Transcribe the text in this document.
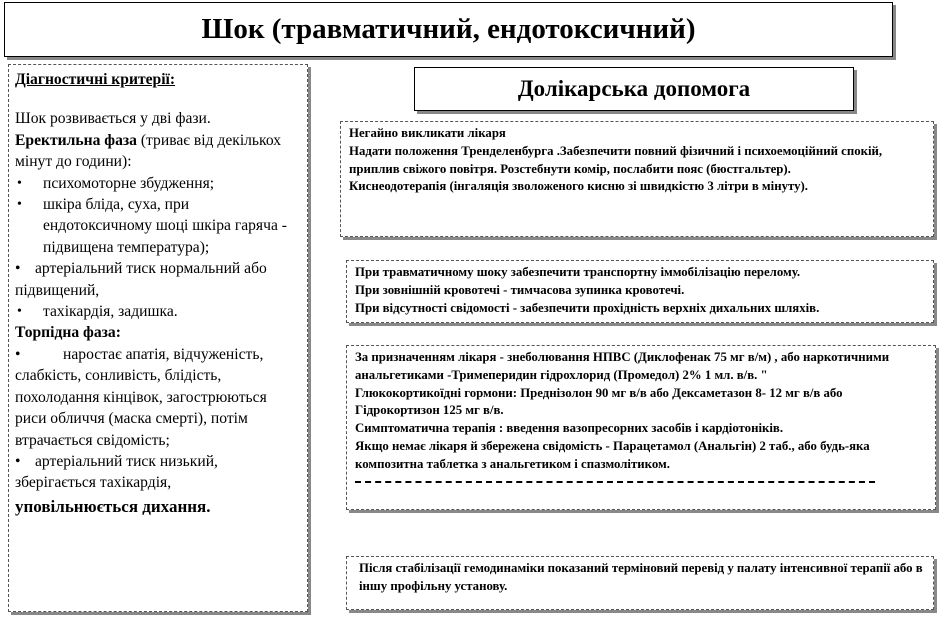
Шок (травматичний, ендотоксичний)

Діагностичні критерії:

Шок розвивається у дві фази.

Еректильна фаза (триває від декількох мінут до години):

• психомоторне збудження;
• шкіра бліда, суха, при ендотоксичному шоці шкіра гаряча - підвищена температура);
• артеріальний тиск нормальний або підвищений,
• тахікардія, задишка.

Торпідна фаза:

•	наростає апатія, відчуженість, слабкість, сонливість, блідість, похолодання кінцівок, загострюються риси обличчя (маска смерті), потім втрачається свідомість;
• артеріальний тиск низький, зберігається тахікардія,

уповільнюється дихання.

Долікарська допомога

Негайно викликати лікаря

Надати положення Тренделенбурга .Забезпечити повний фізичний і психоемоційний спокій, приплив свіжого повітря. Розстебнути комір, послабити пояс (бюстгальтер).

Киснеодотерапія (інгаляція зволоженого кисню зі швидкістю 3 літри в мінуту).

При травматичному шоку забезпечити транспортну іммобілізацію перелому.

При зовнішній кровотечі - тимчасова зупинка кровотечі.

При відсутності свідомості - забезпечити прохідність верхніх дихальних шляхів.

За призначенням лікаря - знеболювання НПВС (Диклофенак 75 мг в/м) , або наркотичними анальгетиками -Тримеперидин гідрохлорид (Промедол) 2% 1 мл. в/в. "

Глюкокортикоїдні гормони: Преднізолон 90 мг в/в або Дексаметазон 8- 12 мг в/в або Гідрокортизон 125 мг в/в.

Симптоматична терапія : введення вазопресорних засобів і кардіотоніків.

Якщо немає лікаря й збережена свідомість - Парацетамол (Анальгін) 2 таб., або будь-яка композитна таблетка з анальгетиком і спазмолітиком.

Після стабілізації гемодинаміки показаний терміновий перевід у палату інтенсивної терапії або в іншу профільну установу.
